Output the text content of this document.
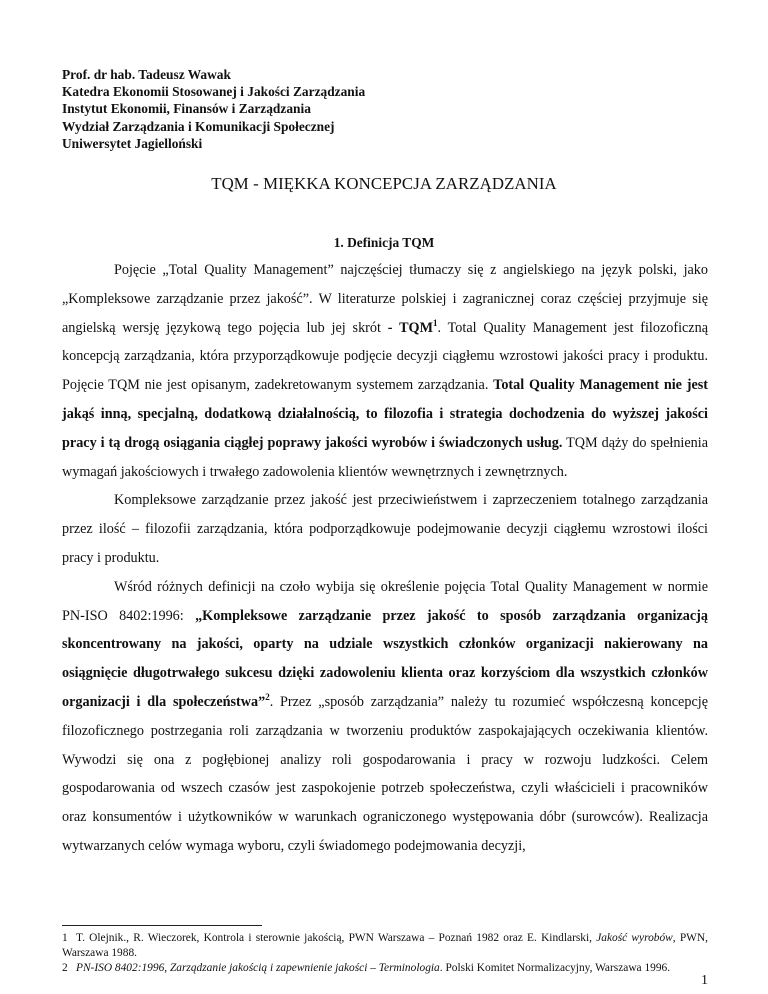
Prof. dr hab. Tadeusz Wawak
Katedra Ekonomii Stosowanej i Jakości Zarządzania
Instytut Ekonomii, Finansów i Zarządzania
Wydział Zarządzania i Komunikacji Społecznej
Uniwersytet Jagielloński
TQM - MIĘKKA KONCEPCJA ZARZĄDZANIA
1. Definicja TQM

Pojęcie „Total Quality Management” najczęściej tłumaczy się z angielskiego na język polski, jako „Kompleksowe zarządzanie przez jakość”. W literaturze polskiej i zagranicznej coraz częściej przyjmuje się angielską wersję językową tego pojęcia lub jej skrót - TQM$^1$. Total Quality Management jest filozoficzną koncepcją zarządzania, która przyporządkowuje podjęcie decyzji ciągłemu wzrostowi jakości pracy i produktu. Pojęcie TQM nie jest opisanym, zadekretowanym systemem zarządzania. Total Quality Management nie jest jakąś inną, specjalną, dodatkową działalnością, to filozofia i strategia dochodzenia do wyższej jakości pracy i tą drogą osiągania ciągłej poprawy jakości wyrobów i świadczonych usług. TQM dąży do spełnienia wymagań jakościowych i trwałego zadowolenia klientów wewnętrznych i zewnętrznych.

Kompleksowe zarządzanie przez jakość jest przeciwieństwem i zaprzeczeniem totalnego zarządzania przez ilość – filozofii zarządzania, która podporządkowuje podejmowanie decyzji ciągłemu wzrostowi ilości pracy i produktu.

Wśród różnych definicji na czoło wybija się określenie pojęcia Total Quality Management w normie PN-ISO 8402:1996: „Kompleksowe zarządzanie przez jakość to sposób zarządzania organizacją skoncentrowany na jakości, oparty na udziale wszystkich członków organizacji nakierowany na osiągnięcie długotrwałego sukcesu dzięki zadowoleniu klienta oraz korzyściom dla wszystkich członków organizacji i dla społeczeństwa”$^2$. Przez „sposób zarządzania” należy tu rozumieć współczesną koncepcję filozoficznego postrzegania roli zarządzania w tworzeniu produktów zaspokajających oczekiwania klientów. Wywodzi się ona z pogłębionej analizy roli gospodarowania i pracy w rozwoju ludzkości. Celem gospodarowania od wszech czasów jest zaspokojenie potrzeb społeczeństwa, czyli właścicieli i pracowników oraz konsumentów i użytkowników w warunkach ograniczonego występowania dóbr (surowców). Realizacja wytwarzanych celów wymaga wyboru, czyli świadomego podejmowania decyzji,

1 T. Olejnik., R. Wieczorek, Kontrola i sterownie jakością, PWN Warszawa – Poznań 1982 oraz E. Kindlarski, Jakość wyrobów, PWN, Warszawa 1988.
2 PN-ISO 8402:1996, Zarządzanie jakością i zapewnienie jakości – Terminologia. Polski Komitet Normalizacyjny, Warszawa 1996.
1
